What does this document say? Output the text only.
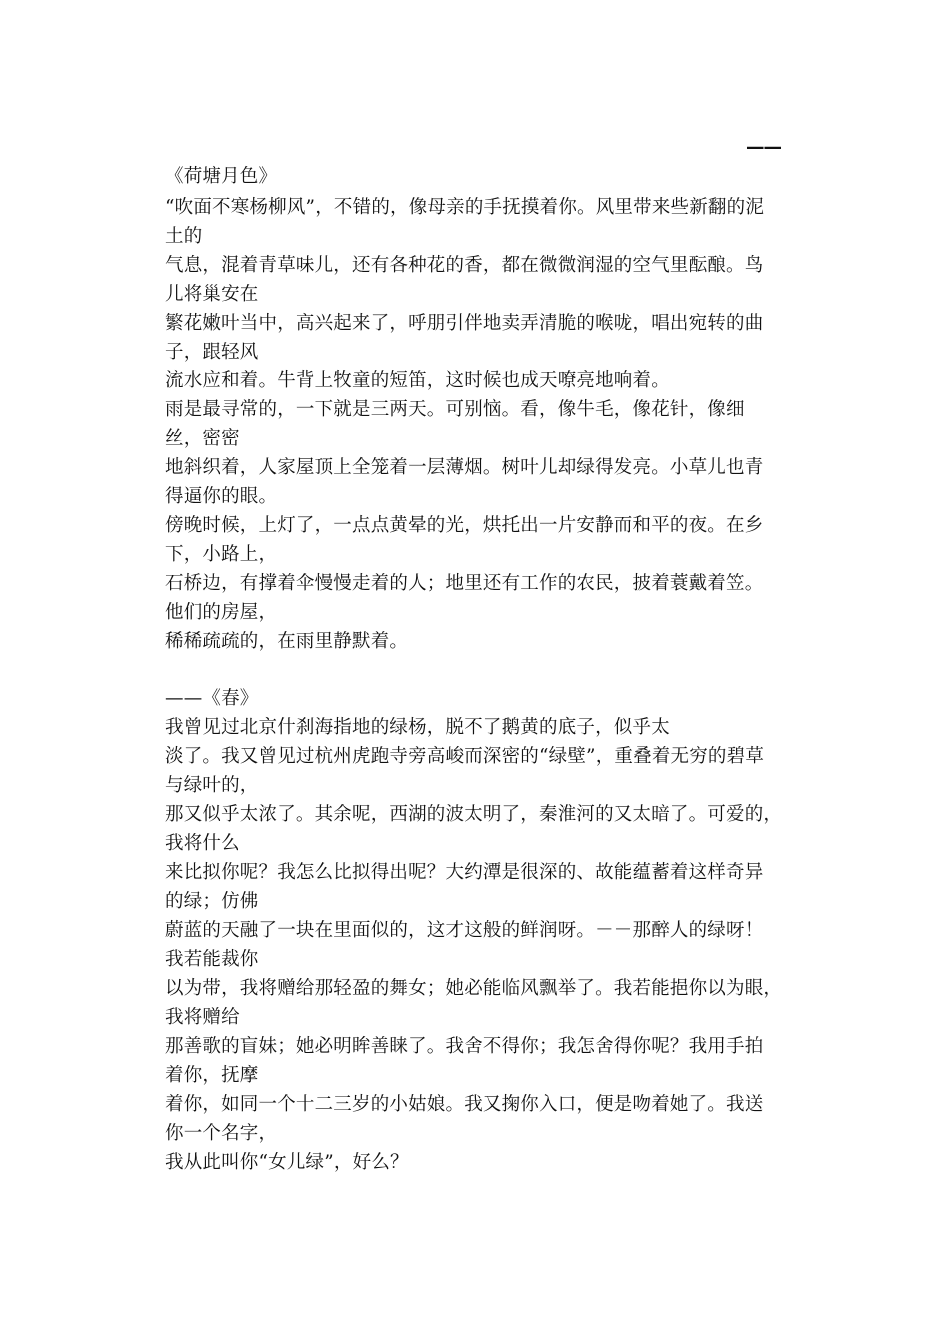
——
《荷塘月色》
“吹面不寒杨柳风”，不错的，像母亲的手抚摸着你。风里带来些新翻的泥
土的
气息，混着青草味儿，还有各种花的香，都在微微润湿的空气里酝酿。鸟
儿将巢安在
繁花嫩叶当中，高兴起来了，呼朋引伴地卖弄清脆的喉咙，唱出宛转的曲
子，跟轻风
流水应和着。牛背上牧童的短笛，这时候也成天嘹亮地响着。
雨是最寻常的，一下就是三两天。可别恼。看，像牛毛，像花针，像细
丝，密密
地斜织着，人家屋顶上全笼着一层薄烟。树叶儿却绿得发亮。小草儿也青
得逼你的眼。
傍晚时候，上灯了，一点点黄晕的光，烘托出一片安静而和平的夜。在乡
下，小路上，
石桥边，有撑着伞慢慢走着的人；地里还有工作的农民，披着蓑戴着笠。
他们的房屋，
稀稀疏疏的，在雨里静默着。
——《春》
我曾见过北京什刹海指地的绿杨，脱不了鹅黄的底子，似乎太
淡了。我又曾见过杭州虎跑寺旁高峻而深密的“绿壁”，重叠着无穷的碧草
与绿叶的，
那又似乎太浓了。其余呢，西湖的波太明了，秦淮河的又太暗了。可爱的，
我将什么
来比拟你呢？我怎么比拟得出呢？大约潭是很深的、故能蕴蓄着这样奇异
的绿；仿佛
蔚蓝的天融了一块在里面似的，这才这般的鲜润呀。－－那醉人的绿呀！
我若能裁你
以为带，我将赠给那轻盈的舞女；她必能临风飘举了。我若能挹你以为眼，
我将赠给
那善歌的盲妹；她必明眸善睐了。我舍不得你；我怎舍得你呢？我用手拍
着你，抚摩
着你，如同一个十二三岁的小姑娘。我又掬你入口，便是吻着她了。我送
你一个名字，
我从此叫你“女儿绿”，好么？
